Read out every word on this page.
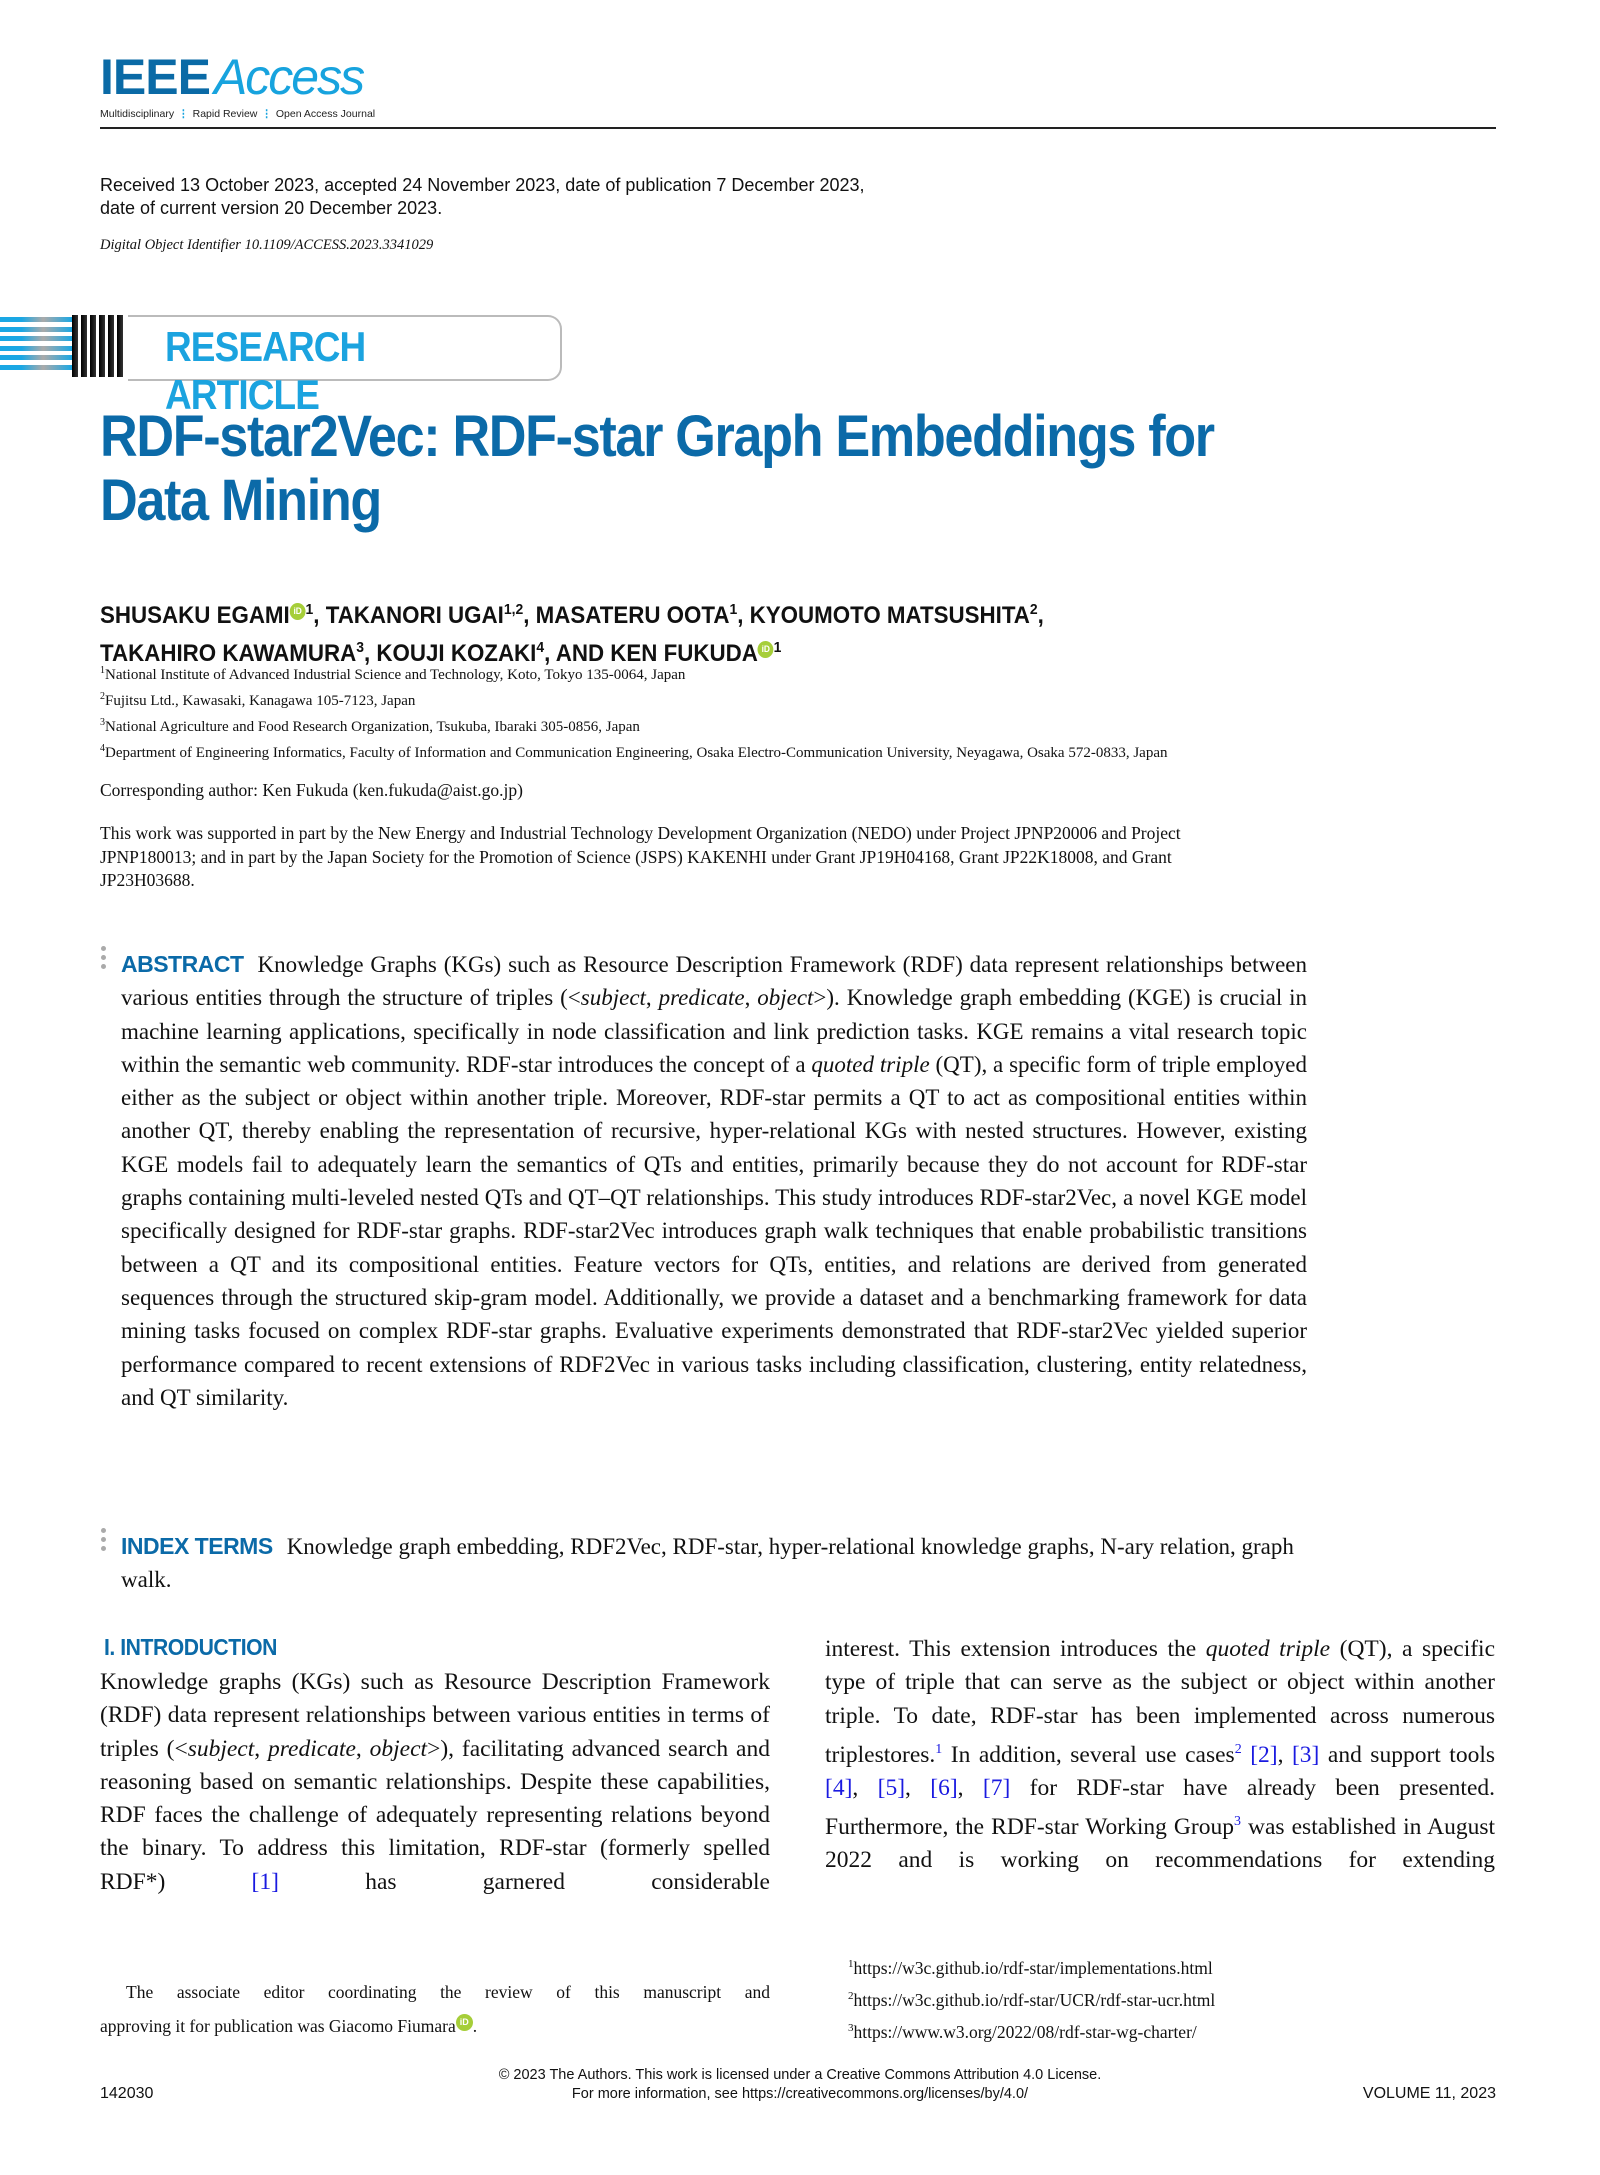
IEEEAccess
Multidisciplinary ⋮ Rapid Review ⋮ Open Access Journal
Received 13 October 2023, accepted 24 November 2023, date of publication 7 December 2023,
date of current version 20 December 2023.
Digital Object Identifier 10.1109/ACCESS.2023.3341029
RESEARCH ARTICLE
RDF-star2Vec: RDF-star Graph Embeddings for
Data Mining
SHUSAKU EGAMI iD $^1$, TAKANORI UGAI$^{1,2}$, MASATERU OOTA$^1$, KYOUMOTO MATSUSHITA$^2$,
TAKAHIRO KAWAMURA$^3$, KOUJI KOZAKI$^4$, AND KEN FUKUDA iD $^1$
$^1$National Institute of Advanced Industrial Science and Technology, Koto, Tokyo 135-0064, Japan
$^2$Fujitsu Ltd., Kawasaki, Kanagawa 105-7123, Japan
$^3$National Agriculture and Food Research Organization, Tsukuba, Ibaraki 305-0856, Japan
$^4$Department of Engineering Informatics, Faculty of Information and Communication Engineering, Osaka Electro-Communication University, Neyagawa, Osaka 572-0833, Japan
Corresponding author: Ken Fukuda (ken.fukuda@aist.go.jp)
This work was supported in part by the New Energy and Industrial Technology Development Organization (NEDO) under Project JPNP20006 and Project JPNP180013; and in part by the Japan Society for the Promotion of Science (JSPS) KAKENHI under Grant JP19H04168, Grant JP22K18008, and Grant JP23H03688.
ABSTRACT Knowledge Graphs (KGs) such as Resource Description Framework (RDF) data represent relationships between various entities through the structure of triples (<subject, predicate, object>). Knowledge graph embedding (KGE) is crucial in machine learning applications, specifically in node classification and link prediction tasks. KGE remains a vital research topic within the semantic web community. RDF-star introduces the concept of a quoted triple (QT), a specific form of triple employed either as the subject or object within another triple. Moreover, RDF-star permits a QT to act as compositional entities within another QT, thereby enabling the representation of recursive, hyper-relational KGs with nested structures. However, existing KGE models fail to adequately learn the semantics of QTs and entities, primarily because they do not account for RDF-star graphs containing multi-leveled nested QTs and QT–QT relationships. This study introduces RDF-star2Vec, a novel KGE model specifically designed for RDF-star graphs. RDF-star2Vec introduces graph walk techniques that enable probabilistic transitions between a QT and its compositional entities. Feature vectors for QTs, entities, and relations are derived from generated sequences through the structured skip-gram model. Additionally, we provide a dataset and a benchmarking framework for data mining tasks focused on complex RDF-star graphs. Evaluative experiments demonstrated that RDF-star2Vec yielded superior performance compared to recent extensions of RDF2Vec in various tasks including classification, clustering, entity relatedness, and QT similarity.
INDEX TERMS Knowledge graph embedding, RDF2Vec, RDF-star, hyper-relational knowledge graphs, N-ary relation, graph walk.
I. INTRODUCTION
Knowledge graphs (KGs) such as Resource Description Framework (RDF) data represent relationships between various entities in terms of triples (<subject, predicate, object>), facilitating advanced search and reasoning based on semantic relationships. Despite these capabilities, RDF faces the challenge of adequately representing relations beyond the binary. To address this limitation, RDF-star (formerly spelled RDF*) [1] has garnered considerable
interest. This extension introduces the quoted triple (QT), a specific type of triple that can serve as the subject or object within another triple. To date, RDF-star has been implemented across numerous triplestores.$^1$ In addition, several use cases$^2$ [2], [3] and support tools [4], [5], [6], [7] for RDF-star have already been presented. Furthermore, the RDF-star Working Group$^3$ was established in August 2022 and is working on recommendations for extending
The associate editor coordinating the review of this manuscript and
approving it for publication was Giacomo Fiumara iD .
$^1$https://w3c.github.io/rdf-star/implementations.html
$^2$https://w3c.github.io/rdf-star/UCR/rdf-star-ucr.html
$^3$https://www.w3.org/2022/08/rdf-star-wg-charter/
142030
© 2023 The Authors. This work is licensed under a Creative Commons Attribution 4.0 License.
For more information, see https://creativecommons.org/licenses/by/4.0/	VOLUME 11, 2023
